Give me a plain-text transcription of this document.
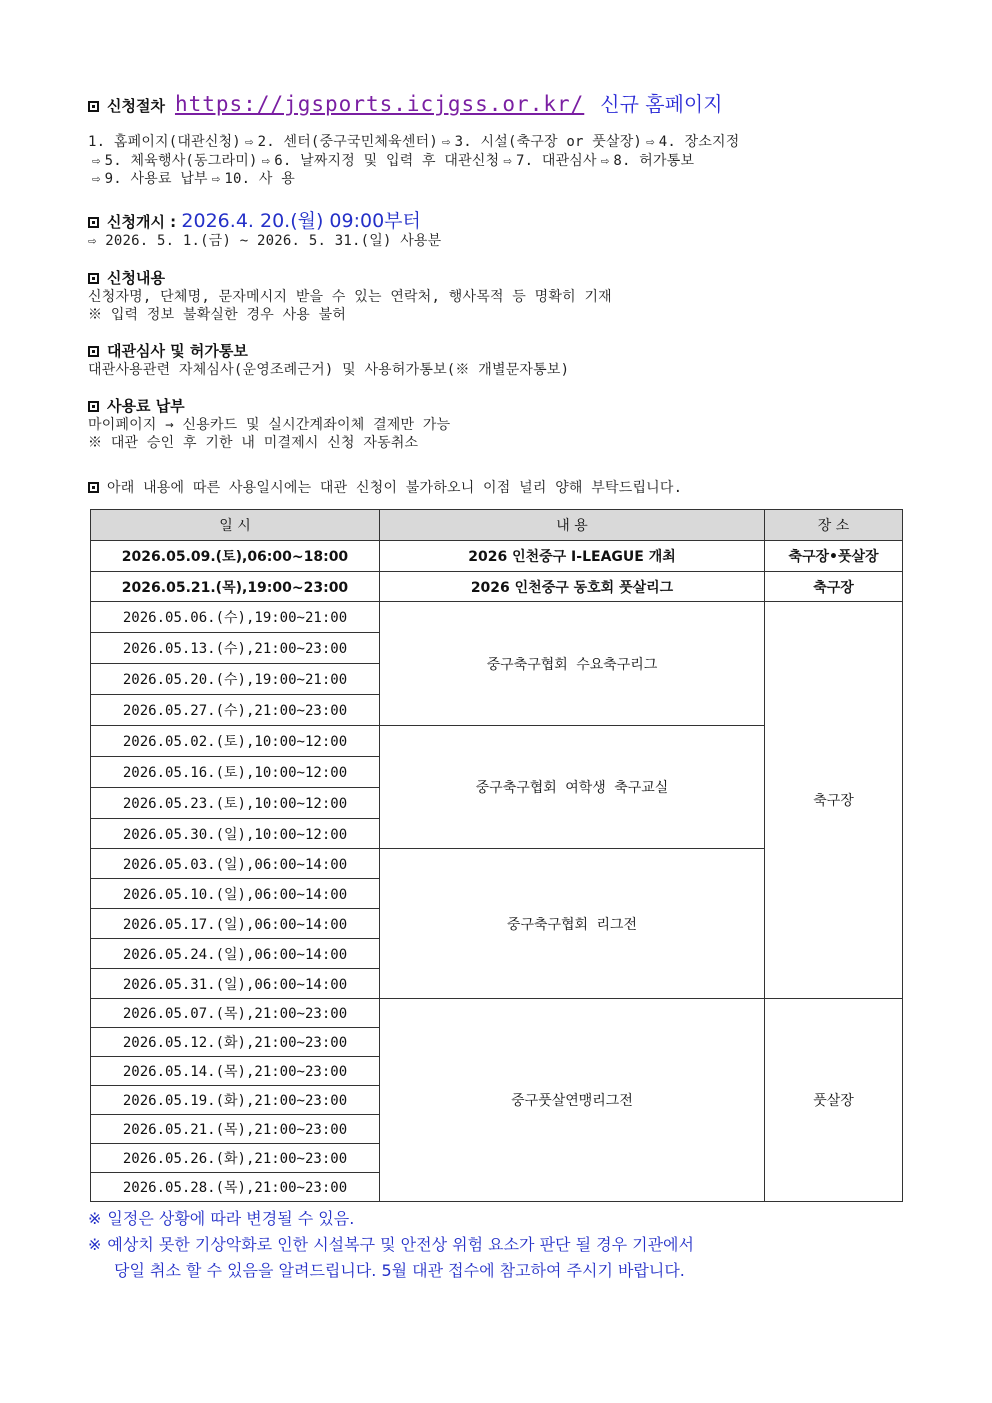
신청절차 https://jgsports.icjgss.or.kr/ 신규 홈페이지
1. 홈페이지(대관신청) ⇨ 2. 센터(중구국민체육센터) ⇨ 3. 시설(축구장 or 풋살장) ⇨ 4. 장소지정
⇨ 5. 체육행사(동그라미) ⇨ 6. 날짜지정 및 입력 후 대관신청 ⇨ 7. 대관심사 ⇨ 8. 허가통보
⇨ 9. 사용료 납부 ⇨ 10. 사 용
신청개시 : 2026.4. 20.(월) 09:00부터
⇨ 2026. 5. 1.(금) ~ 2026. 5. 31.(일) 사용분
신청내용
신청자명, 단체명, 문자메시지 받을 수 있는 연락처, 행사목적 등 명확히 기재
※ 입력 정보 불확실한 경우 사용 불허
대관심사 및 허가통보
대관사용관련 자체심사(운영조례근거) 및 사용허가통보(※ 개별문자통보)
사용료 납부
마이페이지 → 신용카드 및 실시간계좌이체 결제만 가능
※ 대관 승인 후 기한 내 미결제시 신청 자동취소
아래 내용에 따른 사용일시에는 대관 신청이 불가하오니 이점 널리 양해 부탁드립니다.
일 시	내 용	장 소
2026.05.09.(토),06:00~18:00	2026 인천중구 I-LEAGUE 개최	축구장•풋살장
2026.05.21.(목),19:00~23:00	2026 인천중구 동호회 풋살리그	축구장
2026.05.06.(수),19:00~21:00	중구축구협회 수요축구리그	축구장
2026.05.13.(수),21:00~23:00		
2026.05.20.(수),19:00~21:00		
2026.05.27.(수),21:00~23:00		
2026.05.02.(토),10:00~12:00	중구축구협회 여학생 축구교실	
2026.05.16.(토),10:00~12:00		
2026.05.23.(토),10:00~12:00		
2026.05.30.(일),10:00~12:00		
2026.05.03.(일),06:00~14:00	중구축구협회 리그전	
2026.05.10.(일),06:00~14:00		
2026.05.17.(일),06:00~14:00		
2026.05.24.(일),06:00~14:00		
2026.05.31.(일),06:00~14:00		
2026.05.07.(목),21:00~23:00	중구풋살연맹리그전	풋살장
2026.05.12.(화),21:00~23:00		
2026.05.14.(목),21:00~23:00		
2026.05.19.(화),21:00~23:00		
2026.05.21.(목),21:00~23:00		
2026.05.26.(화),21:00~23:00		
2026.05.28.(목),21:00~23:00		
※ 일정은 상황에 따라 변경될 수 있음.
※ 예상치 못한 기상악화로 인한 시설복구 및 안전상 위험 요소가 판단 될 경우 기관에서
당일 취소 할 수 있음을 알려드립니다. 5월 대관 접수에 참고하여 주시기 바랍니다.
